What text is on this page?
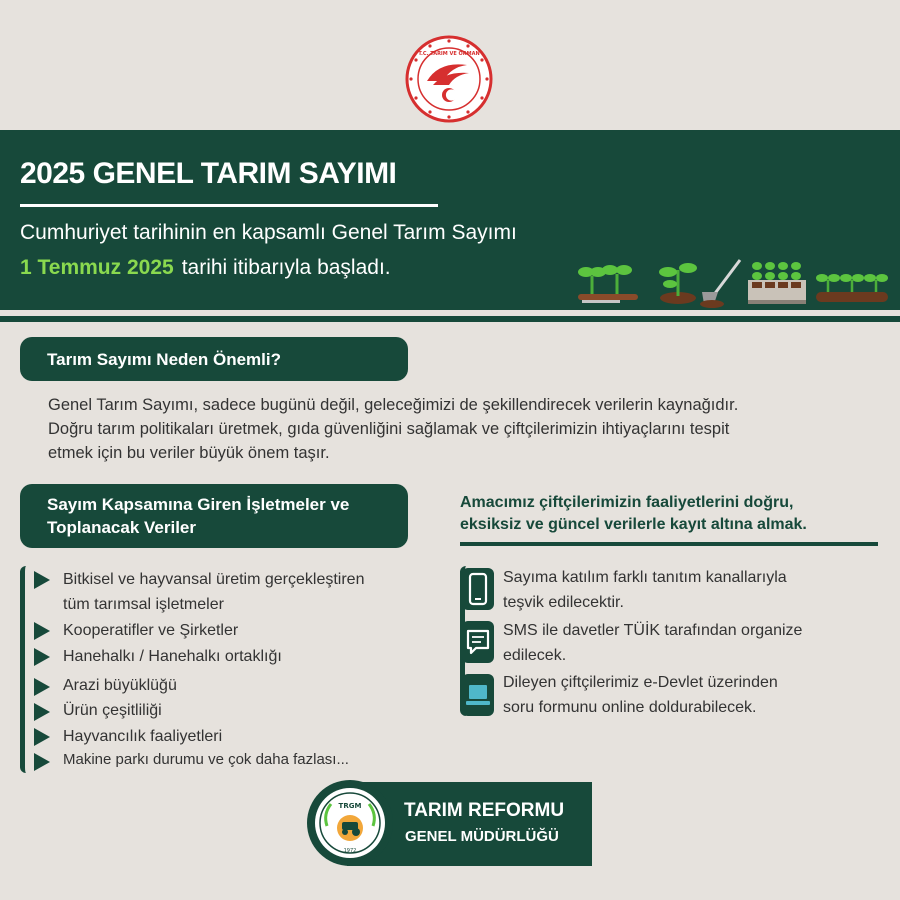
T.C. TARIM VE ORMAN
2025 GENEL TARIM SAYIMI
Cumhuriyet tarihinin en kapsamlı Genel Tarım Sayımı
1 Temmuz 2025 tarihi itibarıyla başladı.
Tarım Sayımı Neden Önemli?
Genel Tarım Sayımı, sadece bugünü değil, geleceğimizi de şekillendirecek verilerin kaynağıdır.
Doğru tarım politikaları üretmek, gıda güvenliğini sağlamak ve çiftçilerimizin ihtiyaçlarını tespit
etmek için bu veriler büyük önem taşır.
Sayım Kapsamına Giren İşletmeler ve
Toplanacak Veriler
Bitkisel ve hayvansal üretim gerçekleştiren
tüm tarımsal işletmeler
Kooperatifler ve Şirketler
Hanehalkı / Hanehalkı ortaklığı
Arazi büyüklüğü
Ürün çeşitliliği
Hayvancılık faaliyetleri
Makine parkı durumu ve çok daha fazlası...
Amacımız çiftçilerimizin faaliyetlerini doğru,
eksiksiz ve güncel verilerle kayıt altına almak.
Sayıma katılım farklı tanıtım kanallarıyla
teşvik edilecektir.
SMS ile davetler TÜİK tarafından organize
edilecek.
Dileyen çiftçilerimiz e-Devlet üzerinden
soru formunu online doldurabilecek.
TRGM
1972
TARIM REFORMU
GENEL MÜDÜRLÜĞÜ
